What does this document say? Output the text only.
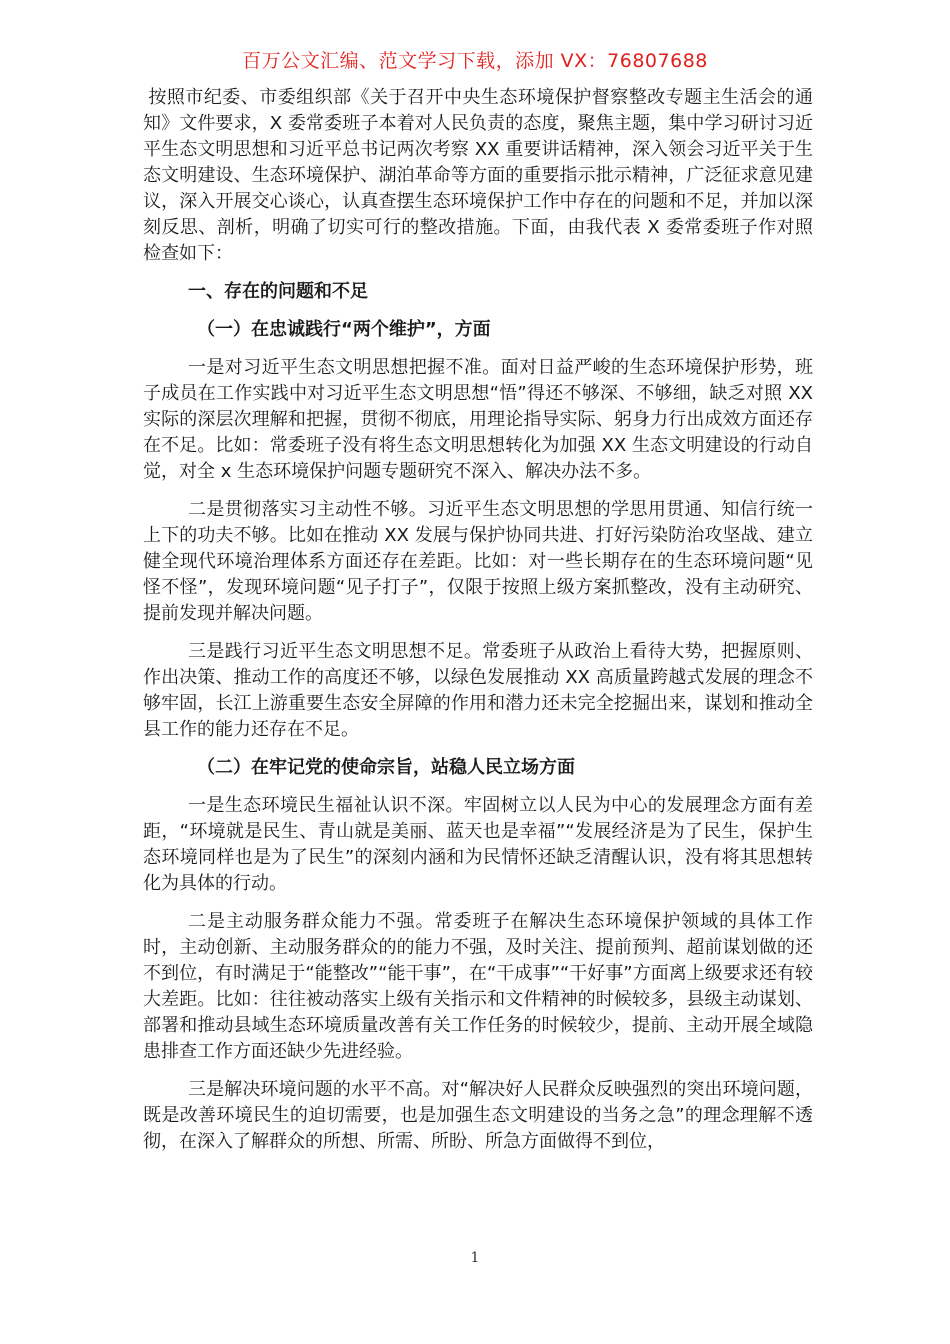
百万公文汇编、范文学习下载，添加 VX：76807688

按照市纪委、市委组织部《关于召开中央生态环境保护督察整改专题主生活会的通知》文件要求，X 委常委班子本着对人民负责的态度，聚焦主题，集中学习研讨习近平生态文明思想和习近平总书记两次考察 XX 重要讲话精神，深入领会习近平关于生态文明建设、生态环境保护、湖泊革命等方面的重要指示批示精神，广泛征求意见建议，深入开展交心谈心，认真查摆生态环境保护工作中存在的问题和不足，并加以深刻反思、剖析，明确了切实可行的整改措施。下面，由我代表 X 委常委班子作对照检查如下：

一、存在的问题和不足

（一）在忠诚践行“两个维护”，方面

一是对习近平生态文明思想把握不准。面对日益严峻的生态环境保护形势，班子成员在工作实践中对习近平生态文明思想“悟”得还不够深、不够细，缺乏对照 XX 实际的深层次理解和把握，贯彻不彻底，用理论指导实际、躬身力行出成效方面还存在不足。比如：常委班子没有将生态文明思想转化为加强 XX 生态文明建设的行动自觉，对全 x 生态环境保护问题专题研究不深入、解决办法不多。

二是贯彻落实习主动性不够。习近平生态文明思想的学思用贯通、知信行统一上下的功夫不够。比如在推动 XX 发展与保护协同共进、打好污染防治攻坚战、建立健全现代环境治理体系方面还存在差距。比如：对一些长期存在的生态环境问题“见怪不怪”，发现环境问题“见子打子”，仅限于按照上级方案抓整改，没有主动研究、提前发现并解决问题。

三是践行习近平生态文明思想不足。常委班子从政治上看待大势，把握原则、作出决策、推动工作的高度还不够，以绿色发展推动 XX 高质量跨越式发展的理念不够牢固，长江上游重要生态安全屏障的作用和潜力还未完全挖掘出来，谋划和推动全县工作的能力还存在不足。

（二）在牢记党的使命宗旨，站稳人民立场方面

一是生态环境民生福祉认识不深。牢固树立以人民为中心的发展理念方面有差距，“环境就是民生、青山就是美丽、蓝天也是幸福”“发展经济是为了民生，保护生态环境同样也是为了民生”的深刻内涵和为民情怀还缺乏清醒认识，没有将其思想转化为具体的行动。

二是主动服务群众能力不强。常委班子在解决生态环境保护领域的具体工作时，主动创新、主动服务群众的的能力不强，及时关注、提前预判、超前谋划做的还不到位，有时满足于“能整改”“能干事”，在“干成事”“干好事”方面离上级要求还有较大差距。比如：往往被动落实上级有关指示和文件精神的时候较多，县级主动谋划、部署和推动县域生态环境质量改善有关工作任务的时候较少，提前、主动开展全域隐患排查工作方面还缺少先进经验。

三是解决环境问题的水平不高。对“解决好人民群众反映强烈的突出环境问题，既是改善环境民生的迫切需要，也是加强生态文明建设的当务之急”的理念理解不透彻，在深入了解群众的所想、所需、所盼、所急方面做得不到位，

1
